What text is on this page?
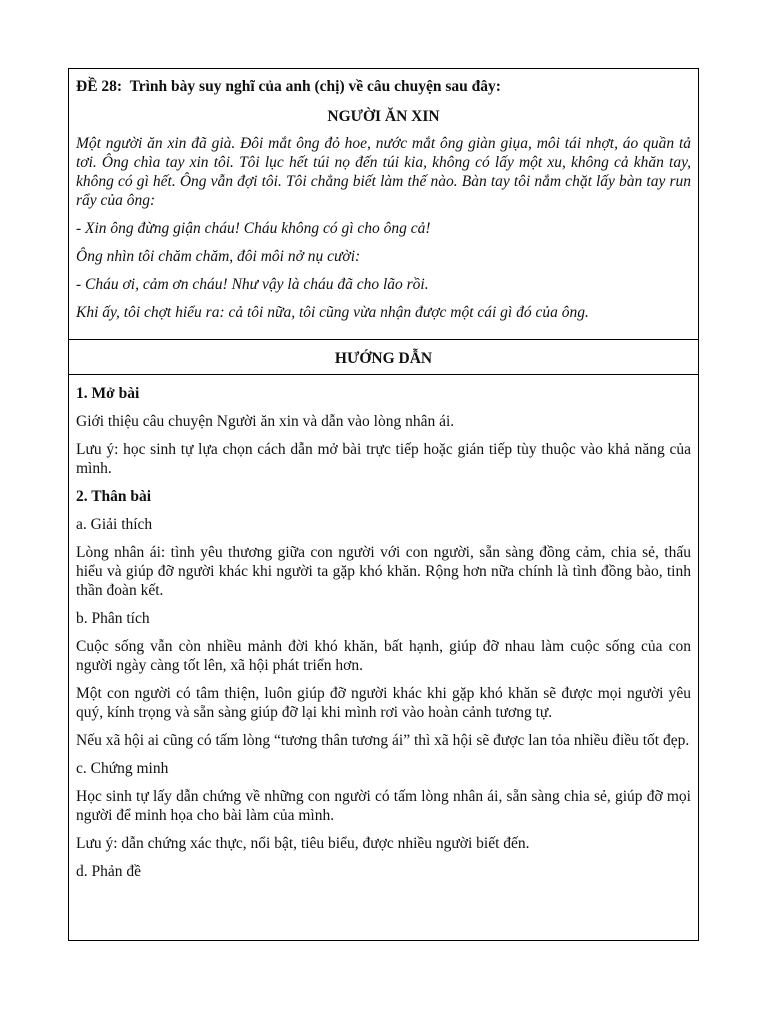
ĐỀ 28: Trình bày suy nghĩ của anh (chị) về câu chuyện sau đây:
NGƯỜI ĂN XIN

Một người ăn xin đã già. Đôi mắt ông đỏ hoe, nước mắt ông giàn giụa, môi tái nhợt, áo quần tả tơi. Ông chìa tay xin tôi. Tôi lục hết túi nọ đến túi kia, không có lấy một xu, không cả khăn tay, không có gì hết. Ông vẫn đợi tôi. Tôi chẳng biết làm thế nào. Bàn tay tôi nắm chặt lấy bàn tay run rẩy của ông:

- Xin ông đừng giận cháu! Cháu không có gì cho ông cả!

Ông nhìn tôi chăm chăm, đôi môi nở nụ cười:

- Cháu ơi, cảm ơn cháu! Như vậy là cháu đã cho lão rồi.

Khi ấy, tôi chợt hiểu ra: cả tôi nữa, tôi cũng vừa nhận được một cái gì đó của ông.

HƯỚNG DẪN

1. Mở bài

Giới thiệu câu chuyện Người ăn xin và dẫn vào lòng nhân ái.

Lưu ý: học sinh tự lựa chọn cách dẫn mở bài trực tiếp hoặc gián tiếp tùy thuộc vào khả năng của mình.

2. Thân bài

a. Giải thích

Lòng nhân ái: tình yêu thương giữa con người với con người, sẵn sàng đồng cảm, chia sẻ, thấu hiểu và giúp đỡ người khác khi người ta gặp khó khăn. Rộng hơn nữa chính là tình đồng bào, tinh thần đoàn kết.

b. Phân tích

Cuộc sống vẫn còn nhiều mảnh đời khó khăn, bất hạnh, giúp đỡ nhau làm cuộc sống của con người ngày càng tốt lên, xã hội phát triển hơn.

Một con người có tâm thiện, luôn giúp đỡ người khác khi gặp khó khăn sẽ được mọi người yêu quý, kính trọng và sẵn sàng giúp đỡ lại khi mình rơi vào hoàn cảnh tương tự.

Nếu xã hội ai cũng có tấm lòng “tương thân tương ái” thì xã hội sẽ được lan tỏa nhiều điều tốt đẹp.

c. Chứng minh

Học sinh tự lấy dẫn chứng về những con người có tấm lòng nhân ái, sẵn sàng chia sẻ, giúp đỡ mọi người để minh họa cho bài làm của mình.

Lưu ý: dẫn chứng xác thực, nổi bật, tiêu biểu, được nhiều người biết đến.

d. Phản đề
